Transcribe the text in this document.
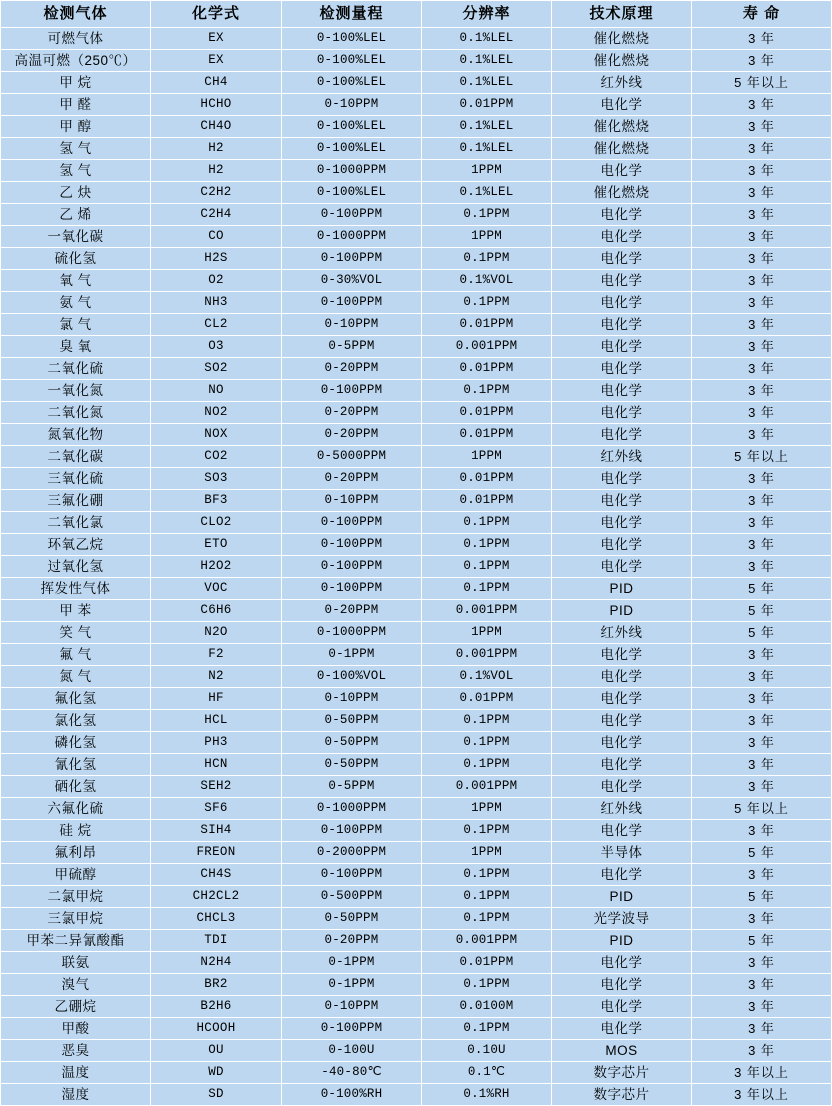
检测气体	化学式	检测量程	分辨率	技术原理	寿 命
可燃气体	EX	0-100%LEL	0.1%LEL	催化燃烧	3 年
高温可燃（250℃）	EX	0-100%LEL	0.1%LEL	催化燃烧	3 年
甲 烷	CH4	0-100%LEL	0.1%LEL	红外线	5 年以上
甲 醛	HCHO	0-10PPM	0.01PPM	电化学	3 年
甲 醇	CH4O	0-100%LEL	0.1%LEL	催化燃烧	3 年
氢 气	H2	0-100%LEL	0.1%LEL	催化燃烧	3 年
氢 气	H2	0-1000PPM	1PPM	电化学	3 年
乙 炔	C2H2	0-100%LEL	0.1%LEL	催化燃烧	3 年
乙 烯	C2H4	0-100PPM	0.1PPM	电化学	3 年
一氧化碳	CO	0-1000PPM	1PPM	电化学	3 年
硫化氢	H2S	0-100PPM	0.1PPM	电化学	3 年
氧 气	O2	0-30%VOL	0.1%VOL	电化学	3 年
氨 气	NH3	0-100PPM	0.1PPM	电化学	3 年
氯 气	CL2	0-10PPM	0.01PPM	电化学	3 年
臭 氧	O3	0-5PPM	0.001PPM	电化学	3 年
二氧化硫	SO2	0-20PPM	0.01PPM	电化学	3 年
一氧化氮	NO	0-100PPM	0.1PPM	电化学	3 年
二氧化氮	NO2	0-20PPM	0.01PPM	电化学	3 年
氮氧化物	NOX	0-20PPM	0.01PPM	电化学	3 年
二氧化碳	CO2	0-5000PPM	1PPM	红外线	5 年以上
三氧化硫	SO3	0-20PPM	0.01PPM	电化学	3 年
三氟化硼	BF3	0-10PPM	0.01PPM	电化学	3 年
二氧化氯	CLO2	0-100PPM	0.1PPM	电化学	3 年
环氧乙烷	ETO	0-100PPM	0.1PPM	电化学	3 年
过氧化氢	H2O2	0-100PPM	0.1PPM	电化学	3 年
挥发性气体	VOC	0-100PPM	0.1PPM	PID	5 年
甲 苯	C6H6	0-20PPM	0.001PPM	PID	5 年
笑 气	N2O	0-1000PPM	1PPM	红外线	5 年
氟 气	F2	0-1PPM	0.001PPM	电化学	3 年
氮 气	N2	0-100%VOL	0.1%VOL	电化学	3 年
氟化氢	HF	0-10PPM	0.01PPM	电化学	3 年
氯化氢	HCL	0-50PPM	0.1PPM	电化学	3 年
磷化氢	PH3	0-50PPM	0.1PPM	电化学	3 年
氰化氢	HCN	0-50PPM	0.1PPM	电化学	3 年
硒化氢	SEH2	0-5PPM	0.001PPM	电化学	3 年
六氟化硫	SF6	0-1000PPM	1PPM	红外线	5 年以上
硅 烷	SIH4	0-100PPM	0.1PPM	电化学	3 年
氟利昂	FREON	0-2000PPM	1PPM	半导体	5 年
甲硫醇	CH4S	0-100PPM	0.1PPM	电化学	3 年
二氯甲烷	CH2CL2	0-500PPM	0.1PPM	PID	5 年
三氯甲烷	CHCL3	0-50PPM	0.1PPM	光学波导	3 年
甲苯二异氰酸酯	TDI	0-20PPM	0.001PPM	PID	5 年
联氨	N2H4	0-1PPM	0.01PPM	电化学	3 年
溴气	BR2	0-1PPM	0.1PPM	电化学	3 年
乙硼烷	B2H6	0-10PPM	0.0100M	电化学	3 年
甲酸	HCOOH	0-100PPM	0.1PPM	电化学	3 年
恶臭	OU	0-100U	0.10U	MOS	3 年
温度	WD	-40-80℃	0.1℃	数字芯片	3 年以上
湿度	SD	0-100%RH	0.1%RH	数字芯片	3 年以上
